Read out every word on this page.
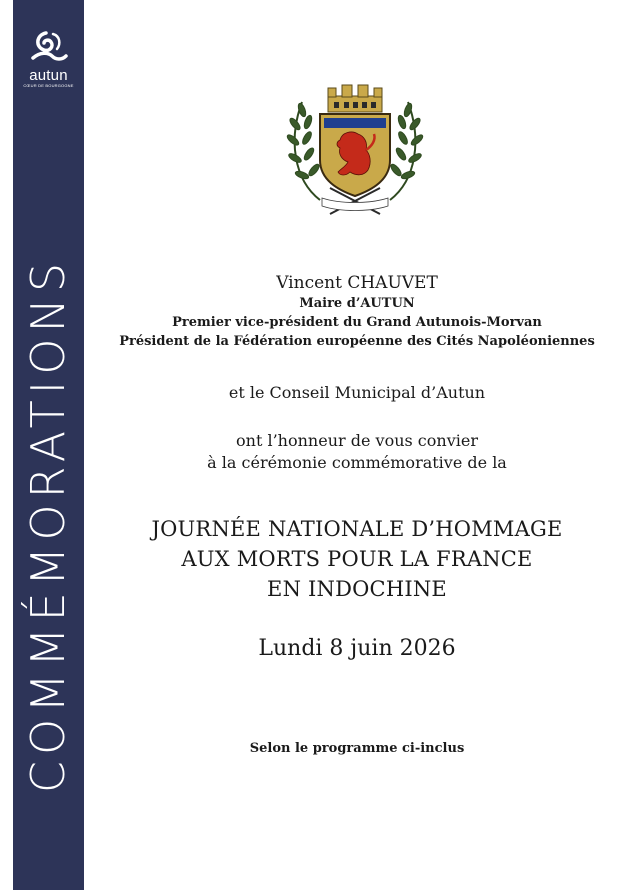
autun
CŒUR DE BOURGOGNE
COMMÉMORATIONS	Vincent CHAUVET
Maire d’AUTUN
Premier vice-président du Grand Autunois-Morvan
Président de la Fédération européenne des Cités Napoléoniennes
et le Conseil Municipal d’Autun
ont l’honneur de vous convier
à la cérémonie commémorative de la
JOURNÉE NATIONALE D’HOMMAGE
AUX MORTS POUR LA FRANCE
EN INDOCHINE
Lundi 8 juin 2026
Selon le programme ci-inclus
